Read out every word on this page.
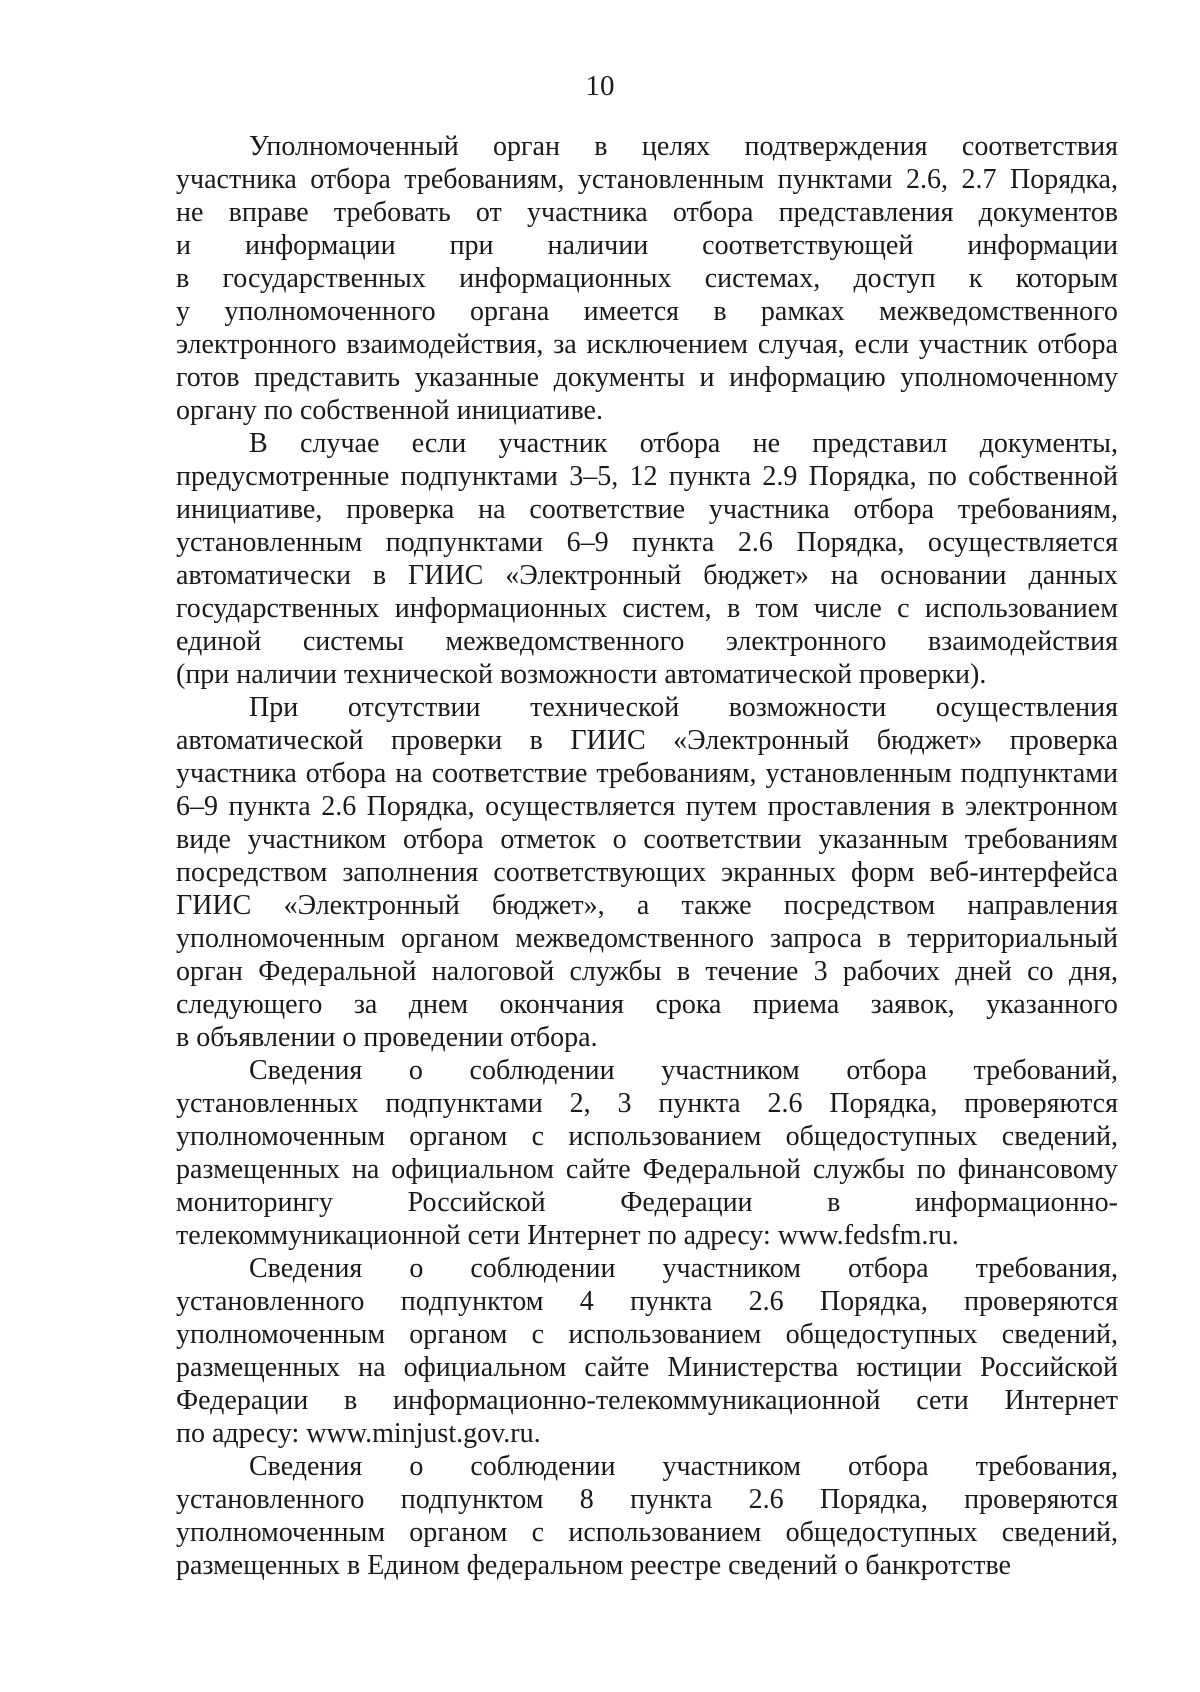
10
Уполномоченный орган в целях подтверждения соответствия
участника отбора требованиям, установленным пунктами 2.6, 2.7 Порядка,
не вправе требовать от участника отбора представления документов
и информации при наличии соответствующей информации
в государственных информационных системах, доступ к которым
у уполномоченного органа имеется в рамках межведомственного
электронного взаимодействия, за исключением случая, если участник отбора
готов представить указанные документы и информацию уполномоченному
органу по собственной инициативе.
В случае если участник отбора не представил документы,
предусмотренные подпунктами 3–5, 12 пункта 2.9 Порядка, по собственной
инициативе, проверка на соответствие участника отбора требованиям,
установленным подпунктами 6–9 пункта 2.6 Порядка, осуществляется
автоматически в ГИИС «Электронный бюджет» на основании данных
государственных информационных систем, в том числе с использованием
единой системы межведомственного электронного взаимодействия
(при наличии технической возможности автоматической проверки).
При отсутствии технической возможности осуществления
автоматической проверки в ГИИС «Электронный бюджет» проверка
участника отбора на соответствие требованиям, установленным подпунктами
6–9 пункта 2.6 Порядка, осуществляется путем проставления в электронном
виде участником отбора отметок о соответствии указанным требованиям
посредством заполнения соответствующих экранных форм веб-интерфейса
ГИИС «Электронный бюджет», а также посредством направления
уполномоченным органом межведомственного запроса в территориальный
орган Федеральной налоговой службы в течение 3 рабочих дней со дня,
следующего за днем окончания срока приема заявок, указанного
в объявлении о проведении отбора.
Сведения о соблюдении участником отбора требований,
установленных подпунктами 2, 3 пункта 2.6 Порядка, проверяются
уполномоченным органом с использованием общедоступных сведений,
размещенных на официальном сайте Федеральной службы по финансовому
мониторингу	Российской	Федерации	в	информационно-
телекоммуникационной сети Интернет по адресу: www.fedsfm.ru.
Сведения о соблюдении участником отбора требования,
установленного подпунктом 4 пункта 2.6 Порядка, проверяются
уполномоченным органом с использованием общедоступных сведений,
размещенных на официальном сайте Министерства юстиции Российской
Федерации в информационно-телекоммуникационной сети Интернет
по адресу: www.minjust.gov.ru.
Сведения о соблюдении участником отбора требования,
установленного подпунктом 8 пункта 2.6 Порядка, проверяются
уполномоченным органом с использованием общедоступных сведений,
размещенных в Едином федеральном реестре сведений о банкротстве
